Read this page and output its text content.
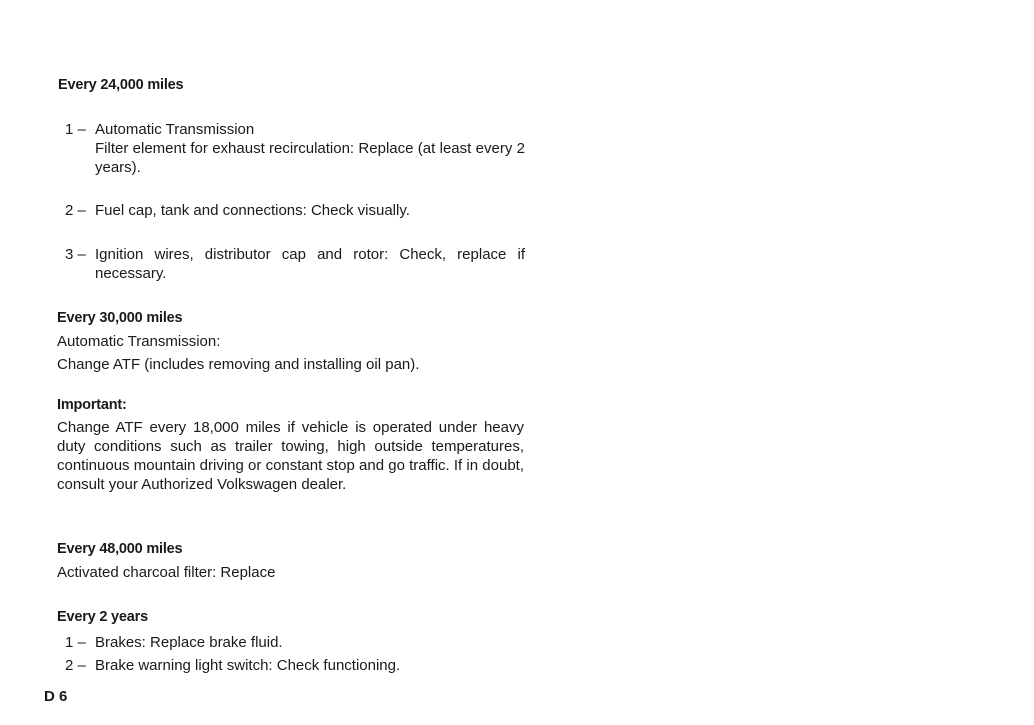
Every 24,000 miles

1 – Automatic Transmission

Filter element for exhaust recirculation: Replace (at least every 2 years).

2 – Fuel cap, tank and connections: Check visually.

3 – Ignition wires, distributor cap and rotor: Check, replace if necessary.

Every 30,000 miles

Automatic Transmission:

Change ATF (includes removing and installing oil pan).

Important:

Change ATF every 18,000 miles if vehicle is operated under heavy duty conditions such as trailer towing, high outside temperatures, continuous mountain driving or constant stop and go traffic. If in doubt, consult your Authorized Volkswagen dealer.

Every 48,000 miles

Activated charcoal filter: Replace

Every 2 years

1 – Brakes: Replace brake fluid.

2 – Brake warning light switch: Check functioning.

D 6
